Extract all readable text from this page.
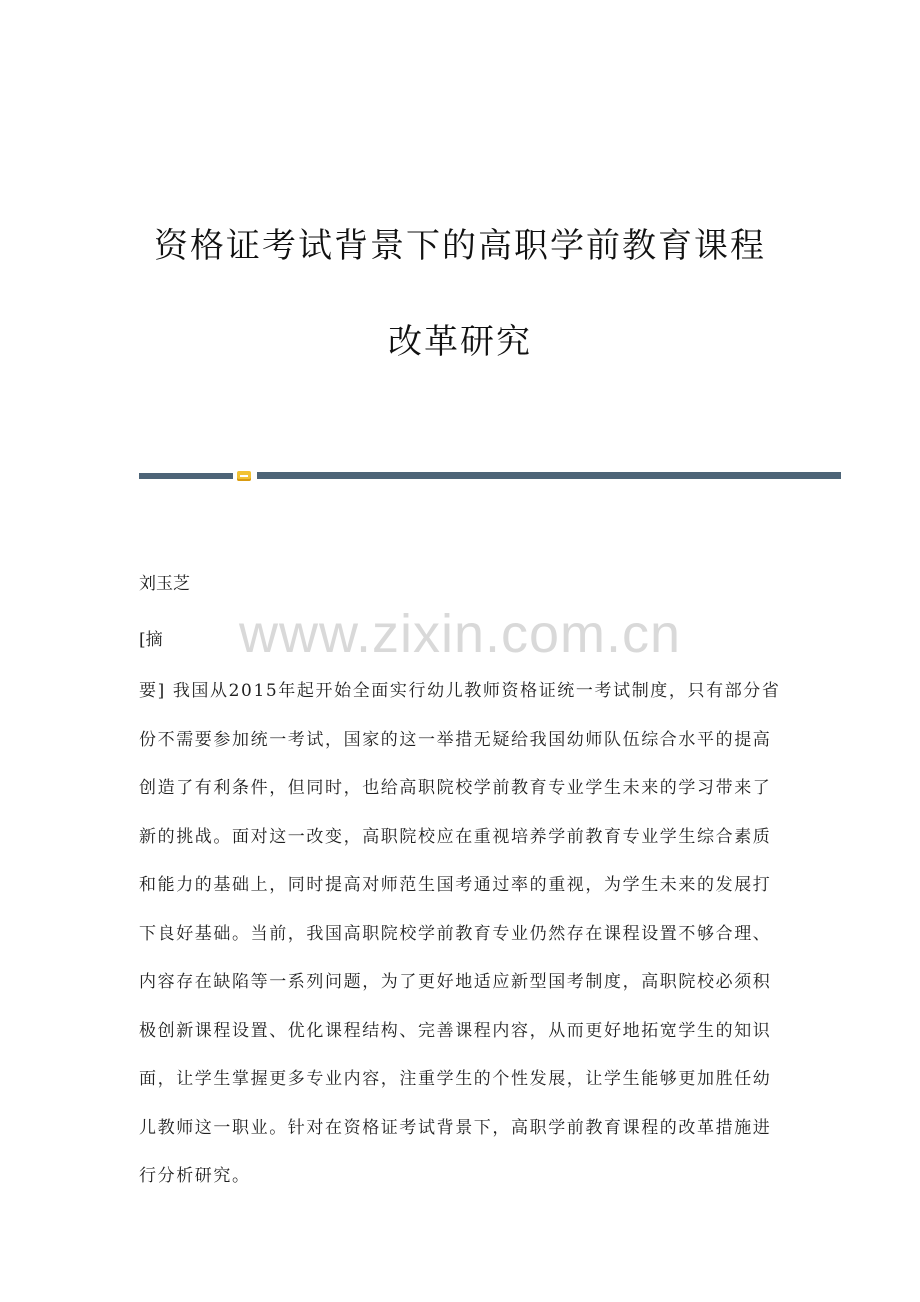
资格证考试背景下的高职学前教育课程
改革研究
刘玉芝
www.zixin.com.cn
[摘
要] 我国从2015年起开始全面实行幼儿教师资格证统一考试制度，只有部分省
份不需要参加统一考试，国家的这一举措无疑给我国幼师队伍综合水平的提高
创造了有利条件，但同时，也给高职院校学前教育专业学生未来的学习带来了
新的挑战。面对这一改变，高职院校应在重视培养学前教育专业学生综合素质
和能力的基础上，同时提高对师范生国考通过率的重视，为学生未来的发展打
下良好基础。当前，我国高职院校学前教育专业仍然存在课程设置不够合理、
内容存在缺陷等一系列问题，为了更好地适应新型国考制度，高职院校必须积
极创新课程设置、优化课程结构、完善课程内容，从而更好地拓宽学生的知识
面，让学生掌握更多专业内容，注重学生的个性发展，让学生能够更加胜任幼
儿教师这一职业。针对在资格证考试背景下，高职学前教育课程的改革措施进
行分析研究。
